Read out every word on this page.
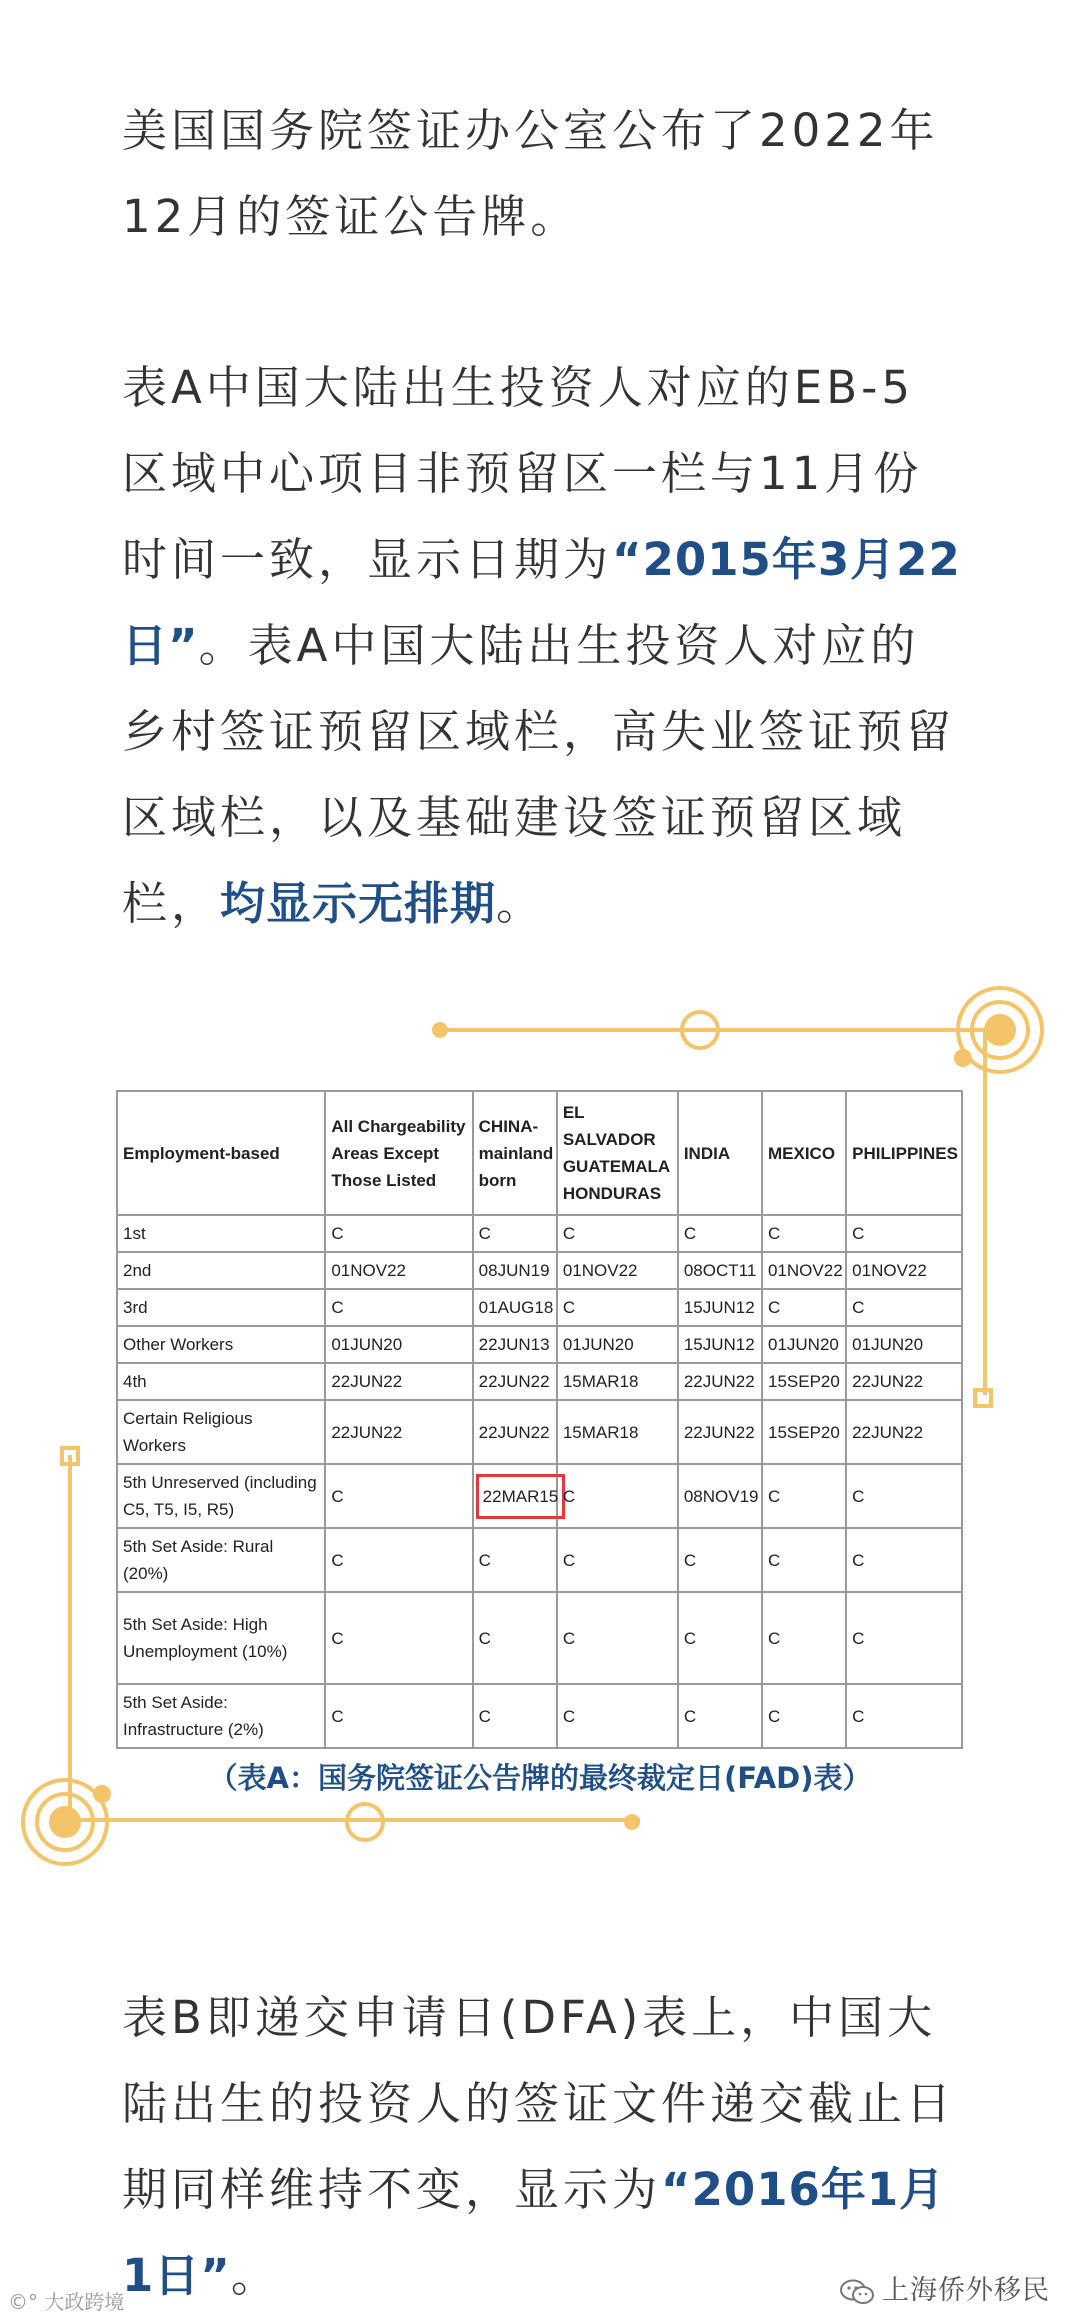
美国国务院签证办公室公布了2022年12月的签证公告牌。
表A中国大陆出生投资人对应的EB-5区域中心项目非预留区一栏与11月份时间一致，显示日期为“2015年3月22日”。表A中国大陆出生投资人对应的乡村签证预留区域栏，高失业签证预留区域栏，以及基础建设签证预留区域栏，均显示无排期。
Employment-based	All Chargeability Areas Except Those Listed	CHINA-mainland born	EL SALVADOR GUATEMALA HONDURAS	INDIA	MEXICO	PHILIPPINES
1st	C	C	C	C	C	C
2nd	01NOV22	08JUN19	01NOV22	08OCT11	01NOV22	01NOV22
3rd	C	01AUG18	C	15JUN12	C	C
Other Workers	01JUN20	22JUN13	01JUN20	15JUN12	01JUN20	01JUN20
4th	22JUN22	22JUN22	15MAR18	22JUN22	15SEP20	22JUN22
Certain Religious Workers	22JUN22	22JUN22	15MAR18	22JUN22	15SEP20	22JUN22
5th Unreserved (including C5, T5, I5, R5)	C	22MAR15	C	08NOV19	C	C
5th Set Aside: Rural (20%)	C	C	C	C	C	C
5th Set Aside: High Unemployment (10%)	C	C	C	C	C	C
5th Set Aside: Infrastructure (2%)	C	C	C	C	C	C
（表A：国务院签证公告牌的最终裁定日(FAD)表）
表B即递交申请日(DFA)表上，中国大陆出生的投资人的签证文件递交截止日期同样维持不变，显示为“2016年1月1日”。	上海侨外移民
©° 大政跨境
